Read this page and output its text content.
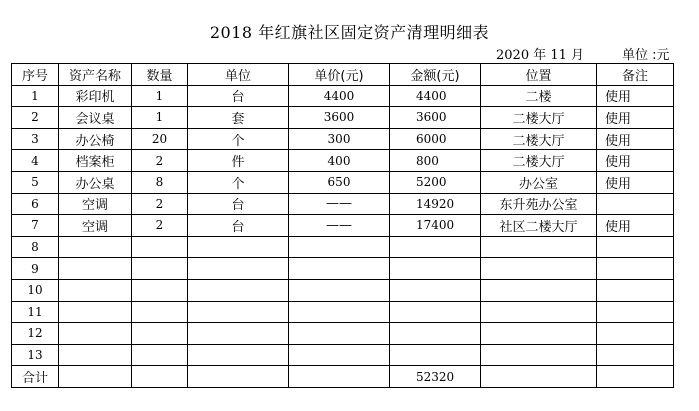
2018 年红旗社区固定资产清理明细表
2020 年 11 月	单位 :元
序号	资产名称	数量	单位	单价(元)	金额(元)	位置	备注
1	彩印机	1	台	4400	4400	二楼	使用
2	会议桌	1	套	3600	3600	二楼大厅	使用
3	办公椅	20	个	300	6000	二楼大厅	使用
4	档案柜	2	件	400	800	二楼大厅	使用
5	办公桌	8	个	650	5200	办公室	使用
6	空调	2	台	——	14920	东升苑办公室	
7	空调	2	台	——	17400	社区二楼大厅	使用
8							
9							
10							
11							
12							
13							
合计					52320		
